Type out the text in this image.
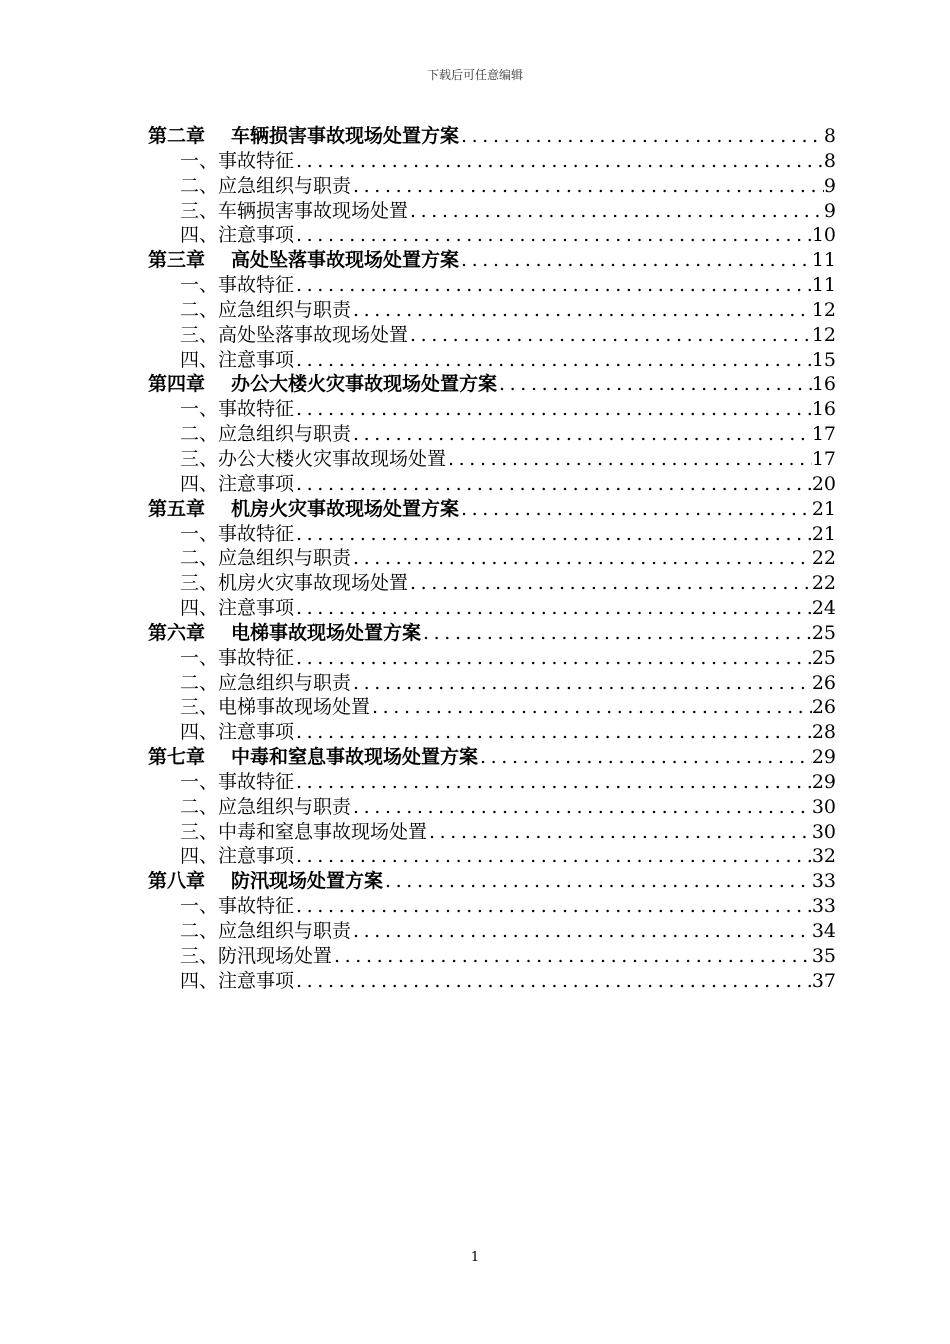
下载后可任意编辑
第二章 车辆损害事故现场处置方案 .....	8
一、 事故特征 .....	8
二、 应急组织与职责 .....	9
三、 车辆损害事故现场处置 .....	9
四、 注意事项 .....	10
第三章 高处坠落事故现场处置方案 .....	11
一、 事故特征 .....	11
二、 应急组织与职责 .....	12
三、 高处坠落事故现场处置 .....	12
四、 注意事项 .....	15
第四章 办公大楼火灾事故现场处置方案 .....	16
一、 事故特征 .....	16
二、 应急组织与职责 .....	17
三、 办公大楼火灾事故现场处置 .....	17
四、 注意事项 .....	20
第五章 机房火灾事故现场处置方案 .....	21
一、 事故特征 .....	21
二、 应急组织与职责 .....	22
三、 机房火灾事故现场处置 .....	22
四、 注意事项 .....	24
第六章 电梯事故现场处置方案 .....	25
一、 事故特征 .....	25
二、 应急组织与职责 .....	26
三、 电梯事故现场处置 .....	26
四、 注意事项 .....	28
第七章 中毒和窒息事故现场处置方案 .....	29
一、 事故特征 .....	29
二、 应急组织与职责 .....	30
三、 中毒和窒息事故现场处置 .....	30
四、 注意事项 .....	32
第八章 防汛现场处置方案 .....	33
一、 事故特征 .....	33
二、 应急组织与职责 .....	34
三、 防汛现场处置 .....	35
四、 注意事项 .....	37
1
